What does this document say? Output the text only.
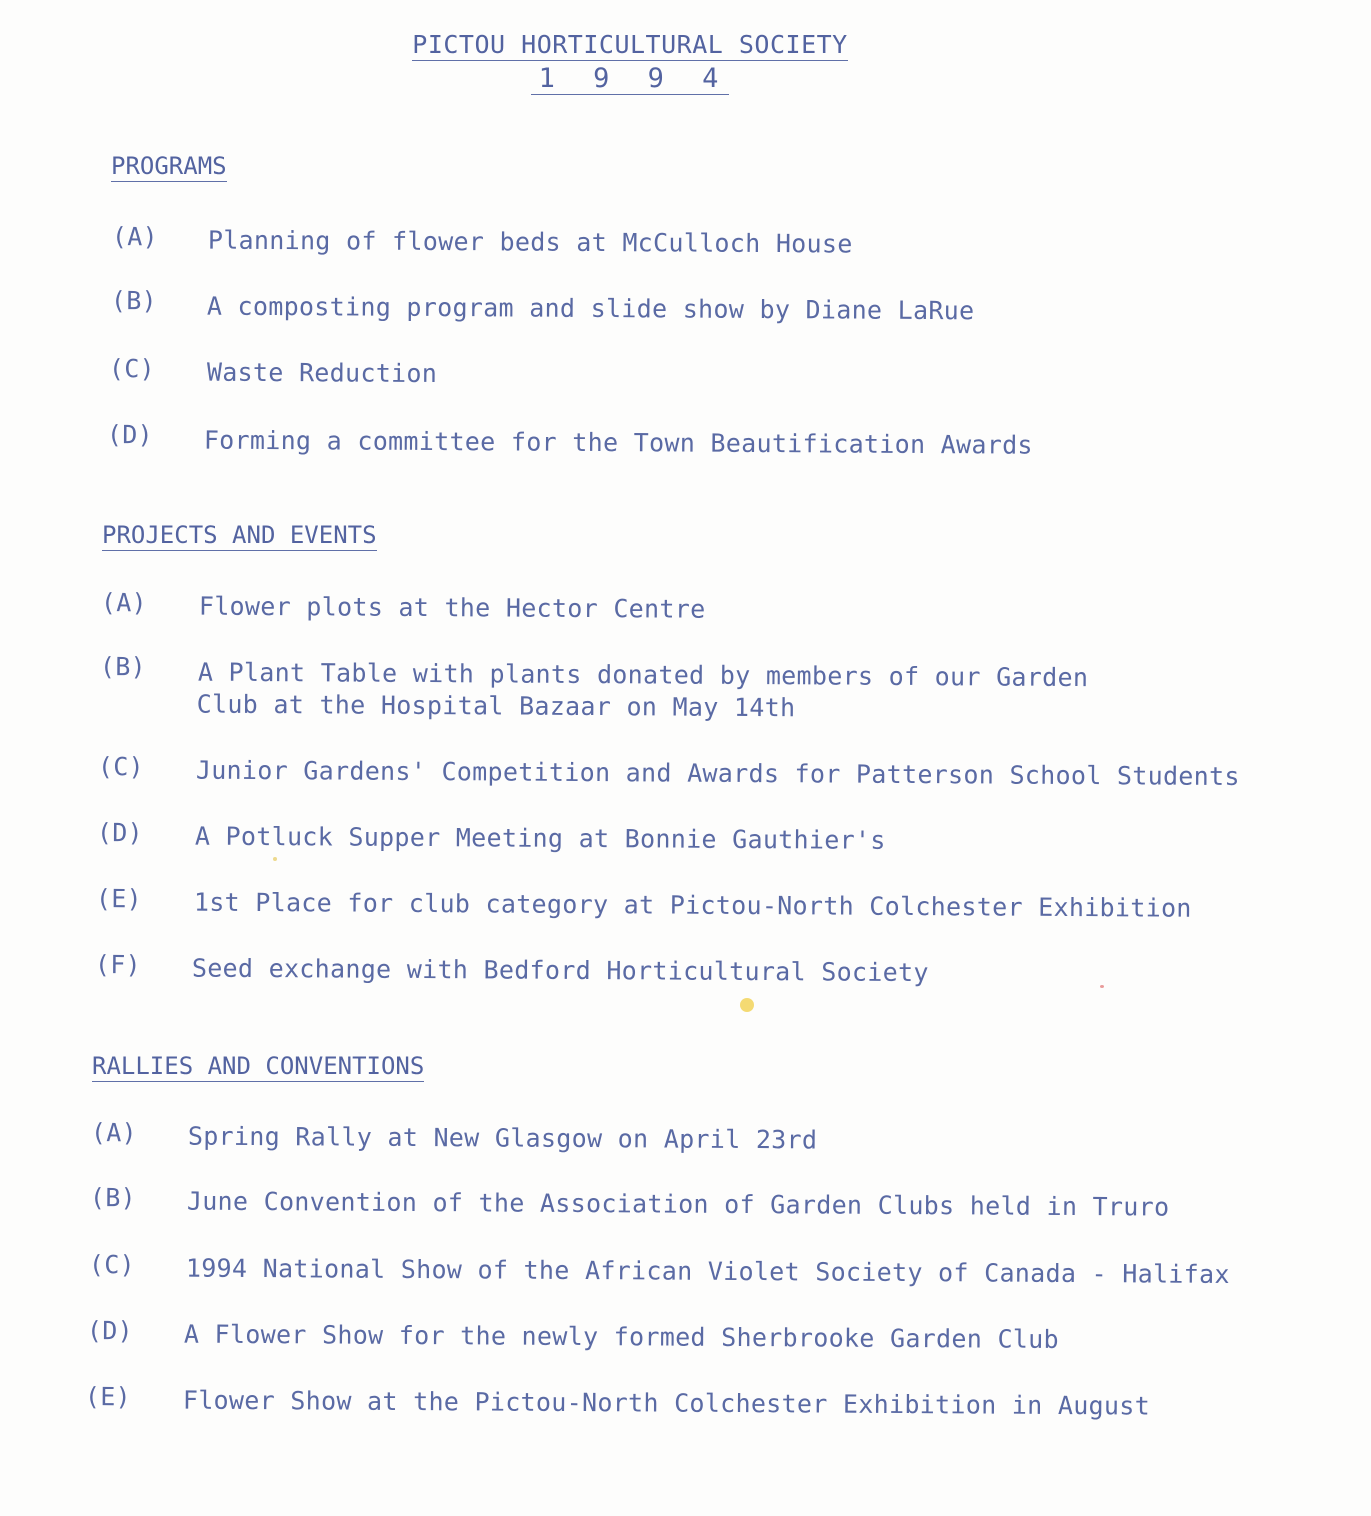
PICTOU HORTICULTURAL SOCIETY
1 9 9 4
PROGRAMS
(A) Planning of flower beds at McCulloch House
(B) A composting program and slide show by Diane LaRue
(C) Waste Reduction
(D) Forming a committee for the Town Beautification Awards
PROJECTS AND EVENTS
(A) Flower plots at the Hector Centre
(B) A Plant Table with plants donated by members of our Garden
Club at the Hospital Bazaar on May 14th
(C) Junior Gardens' Competition and Awards for Patterson School Students
(D) A Potluck Supper Meeting at Bonnie Gauthier's
(E) 1st Place for club category at Pictou-North Colchester Exhibition
(F) Seed exchange with Bedford Horticultural Society
RALLIES AND CONVENTIONS
(A) Spring Rally at New Glasgow on April 23rd
(B) June Convention of the Association of Garden Clubs held in Truro
(C) 1994 National Show of the African Violet Society of Canada - Halifax
(D) A Flower Show for the newly formed Sherbrooke Garden Club
(E) Flower Show at the Pictou-North Colchester Exhibition in August
